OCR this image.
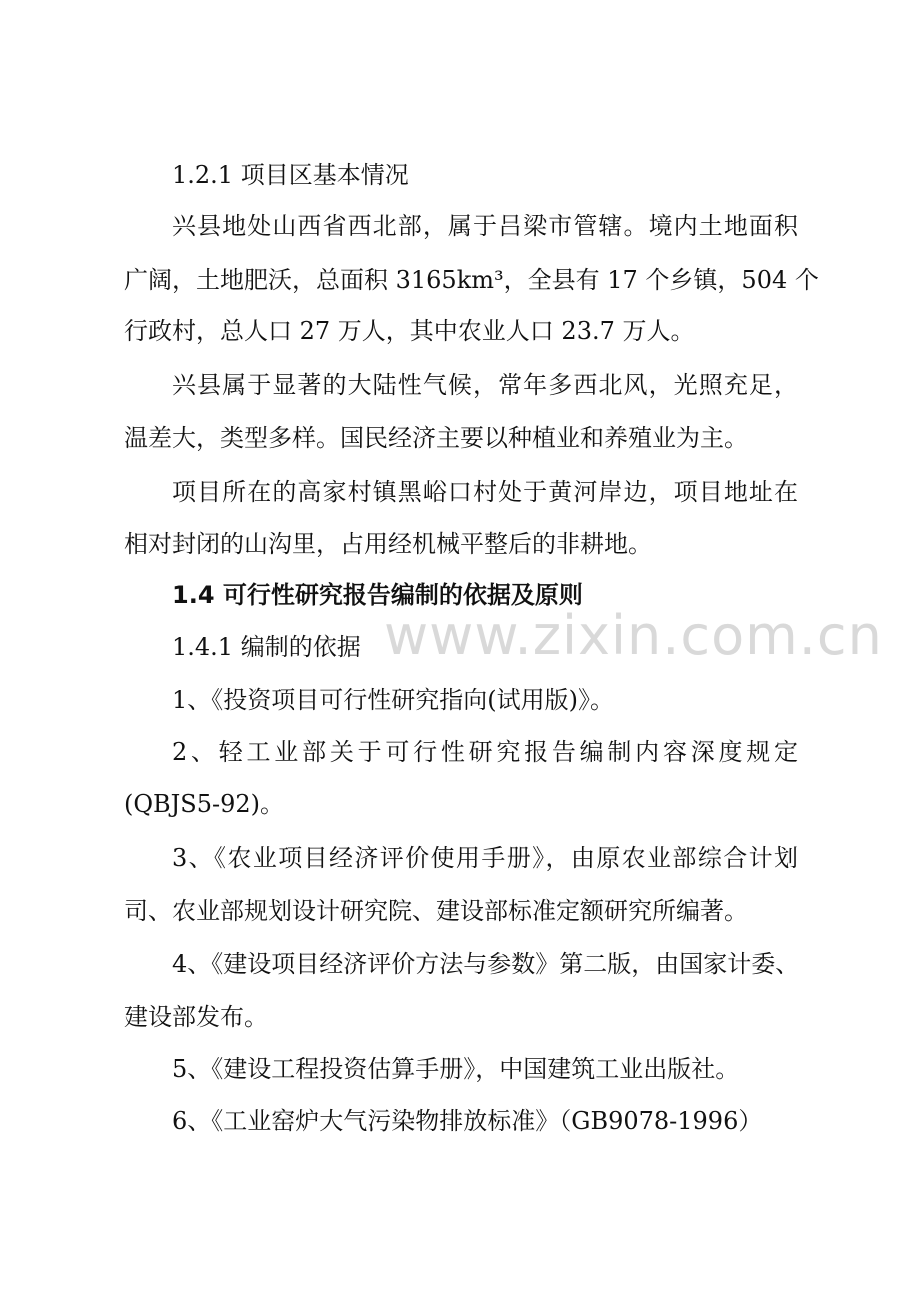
www.zixin.com.cn
1.2.1 项目区基本情况
兴县地处山西省西北部，属于吕梁市管辖。境内土地面积
广阔，土地肥沃，总面积 3165km³，全县有 17 个乡镇，504 个
行政村，总人口 27 万人，其中农业人口 23.7 万人。
兴县属于显著的大陆性气候，常年多西北风，光照充足，
温差大，类型多样。国民经济主要以种植业和养殖业为主。
项目所在的高家村镇黑峪口村处于黄河岸边，项目地址在
相对封闭的山沟里，占用经机械平整后的非耕地。
1.4 可行性研究报告编制的依据及原则
1.4.1 编制的依据
1、《投资项目可行性研究指向(试用版)》。
2、轻工业部关于可行性研究报告编制内容深度规定
(QBJS5-92)。
3、《农业项目经济评价使用手册》，由原农业部综合计划
司、农业部规划设计研究院、建设部标准定额研究所编著。
4、《建设项目经济评价方法与参数》第二版，由国家计委、
建设部发布。
5、《建设工程投资估算手册》，中国建筑工业出版社。
6、《工业窑炉大气污染物排放标准》（GB9078-1996）
